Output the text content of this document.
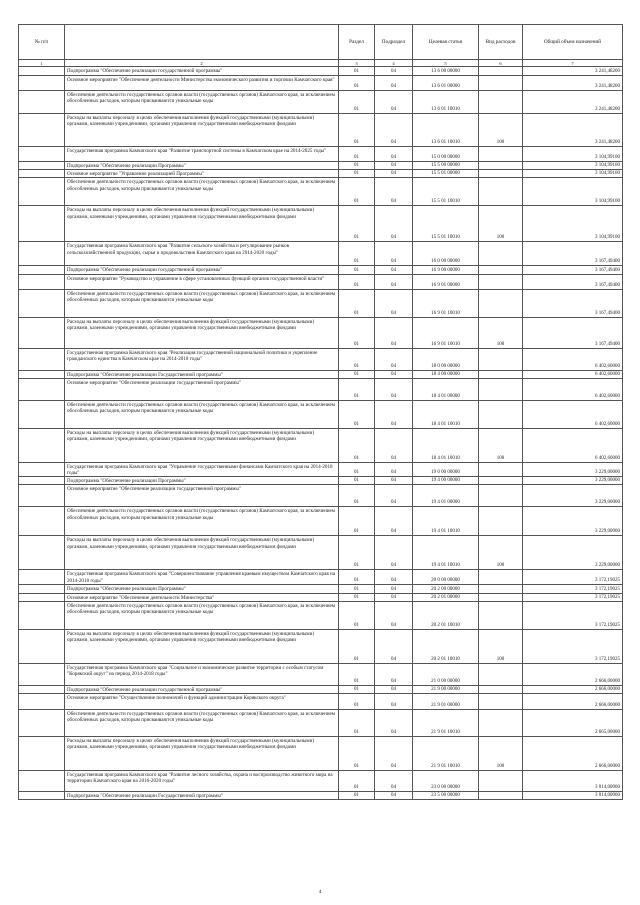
№ п/п		Раздел	Подраздел	Целевая статья	Вид расходов	Общий объем назначений
1	2	3	4	5	6	7
	Подпрограмма "Обеспечение реализации государственной программы"	01	04	13 6 00 00000		3 241,48200
	Основное мероприятие "Обеспечение деятельности Министерства экономического развития и торговли Камчатского края"	01	04	13 6 01 00000		3 241,48200
	Обеспечение деятельности государственных органов власти (государственных органов) Камчатского края, за исключением обособленных расходов, которым присваиваются уникальные коды	01	04	13 6 01 10010		3 241,48200
	Расходы на выплаты персоналу в целях обеспечения выполнения функций государственными (муниципальными) органами, казенными учреждениями, органами управления государственными внебюджетными фондами	01	04	13 6 01 10010	100	3 241,48200
	Государственная программа Камчатского края "Развитие транспортной системы в Камчатском крае на 2014-2025 годы"	01	04	15 0 00 00000		3 104,99100
	Подпрограмма "Обеспечение реализации Программы"	01	04	15 5 00 00000		3 104,99100
	Основное мероприятие "Управление реализацией Программы"	01	04	15 5 01 00000		3 104,99100
	Обеспечение деятельности государственных органов власти (государственных органов) Камчатского края, за исключением обособленных расходов, которым присваиваются уникальные коды	01	04	15 5 01 10010		3 104,99100
	Расходы на выплаты персоналу в целях обеспечения выполнения функций государственными (муниципальными) органами, казенными учреждениями, органами управления государственными внебюджетными фондами	01	04	15 5 01 10010	100	3 104,99100
	Государственная программа Камчатского края "Развитие сельского хозяйства и регулирование рынков сельскохозяйственной продукции, сырья и продовольствия Камчатского края на 2014-2020 годы"	01	04	16 0 00 00000		3 167,49400
	Подпрограмма "Обеспечение реализации государственной программы"	01	04	16 9 00 00000		3 167,49400
	Основное мероприятие "Руководство и управление в сфере установленных функций органов государственной власти"	01	04	16 9 01 00000		3 167,49400
	Обеспечение деятельности государственных органов власти (государственных органов) Камчатского края, за исключением обособленных расходов, которым присваиваются уникальные коды	01	04	16 9 01 10010		3 167,49400
	Расходы на выплаты персоналу в целях обеспечения выполнения функций государственными (муниципальными) органами, казенными учреждениями, органами управления государственными внебюджетными фондами	01	04	16 9 01 10010	100	3 167,49400
	Государственная программа Камчатского края "Реализация государственной национальной политики и укрепление гражданского единства в Камчатском крае на 2014-2018 годы"	01	04	18 0 00 00000		6 402,60000
	Подпрограмма "Обеспечение реализации Государственной программы"	01	04	18 4 00 00000		6 402,60000
	Основное мероприятие "Обеспечение реализации государственной программы"	01	04	18 4 01 00000		6 402,60000
	Обеспечение деятельности государственных органов власти (государственных органов) Камчатского края, за исключением обособленных расходов, которым присваиваются уникальные коды	01	04	18 4 01 10010		6 402,60000
	Расходы на выплаты персоналу в целях обеспечения выполнения функций государственными (муниципальными) органами, казенными учреждениями, органами управления государственными внебюджетными фондами	01	04	18 4 01 10010	100	6 402,60000
	Государственная программа Камчатского края "Управление государственными финансами Камчатского края на 2014-2018 годы"	01	04	19 0 00 00000		3 229,00000
	Подпрограмма "Обеспечение реализации Программы"	01	04	19 4 00 00000		3 229,00000
	Основное мероприятие "Обеспечение реализации государственной программы"	01	04	19 4 01 00000		3 229,00000
	Обеспечение деятельности государственных органов власти (государственных органов) Камчатского края, за исключением обособленных расходов, которым присваиваются уникальные коды	01	04	19 4 01 10010		3 229,00000
	Расходы на выплаты персоналу в целях обеспечения выполнения функций государственными (муниципальными) органами, казенными учреждениями, органами управления государственными внебюджетными фондами	01	04	19 4 01 10010	100	3 229,00000
	Государственная программа Камчатского края "Совершенствование управления краевым имуществом Камчатского края на 2014-2018 годы"	01	04	20 0 00 00000		3 172,19025
	Подпрограмма "Обеспечение реализации Программы"	01	04	20 2 00 00000		3 172,19025
	Основное мероприятие "Обеспечение деятельности Министерства"	01	04	20 2 01 00000		3 172,19025
	Обеспечение деятельности государственных органов власти (государственных органов) Камчатского края, за исключением обособленных расходов, которым присваиваются уникальные коды	01	04	20 2 01 10010		3 172,19025
	Расходы на выплаты персоналу в целях обеспечения выполнения функций государственными (муниципальными) органами, казенными учреждениями, органами управления государственными внебюджетными фондами	01	04	20 2 01 10010	100	3 172,19025
	Государственная программа Камчатского края "Социальное и экономическое развитие территории с особым статусом "Корякский округ" на период 2014-2018 годы"	01	04	21 0 00 00000		2 666,00000
	Подпрограмма "Обеспечение реализации государственной программы"	01	04	21 9 00 00000		2 666,00000
	Основное мероприятие "Осуществление полномочий и функций администрации Корякского округа"	01	04	21 9 01 00000		2 666,00000
	Обеспечение деятельности государственных органов власти (государственных органов) Камчатского края, за исключением обособленных расходов, которым присваиваются уникальные коды	01	04	21 9 01 10010		2 665,00000
	Расходы на выплаты персоналу в целях обеспечения выполнения функций государственными (муниципальными) органами, казенными учреждениями, органами управления государственными внебюджетными фондами	01	04	21 9 01 10010	100	2 666,00000
	Государственная программа Камчатского края "Развитие лесного хозяйства, охрана и воспроизводство животного мира на территории Камчатского края на 2016-2020 годы"	01	04	23 0 00 00000		3 014,00000
	Подпрограмма "Обеспечение реализации Государственной программы"	01	04	23 5 00 00000		3 014,00000
4
